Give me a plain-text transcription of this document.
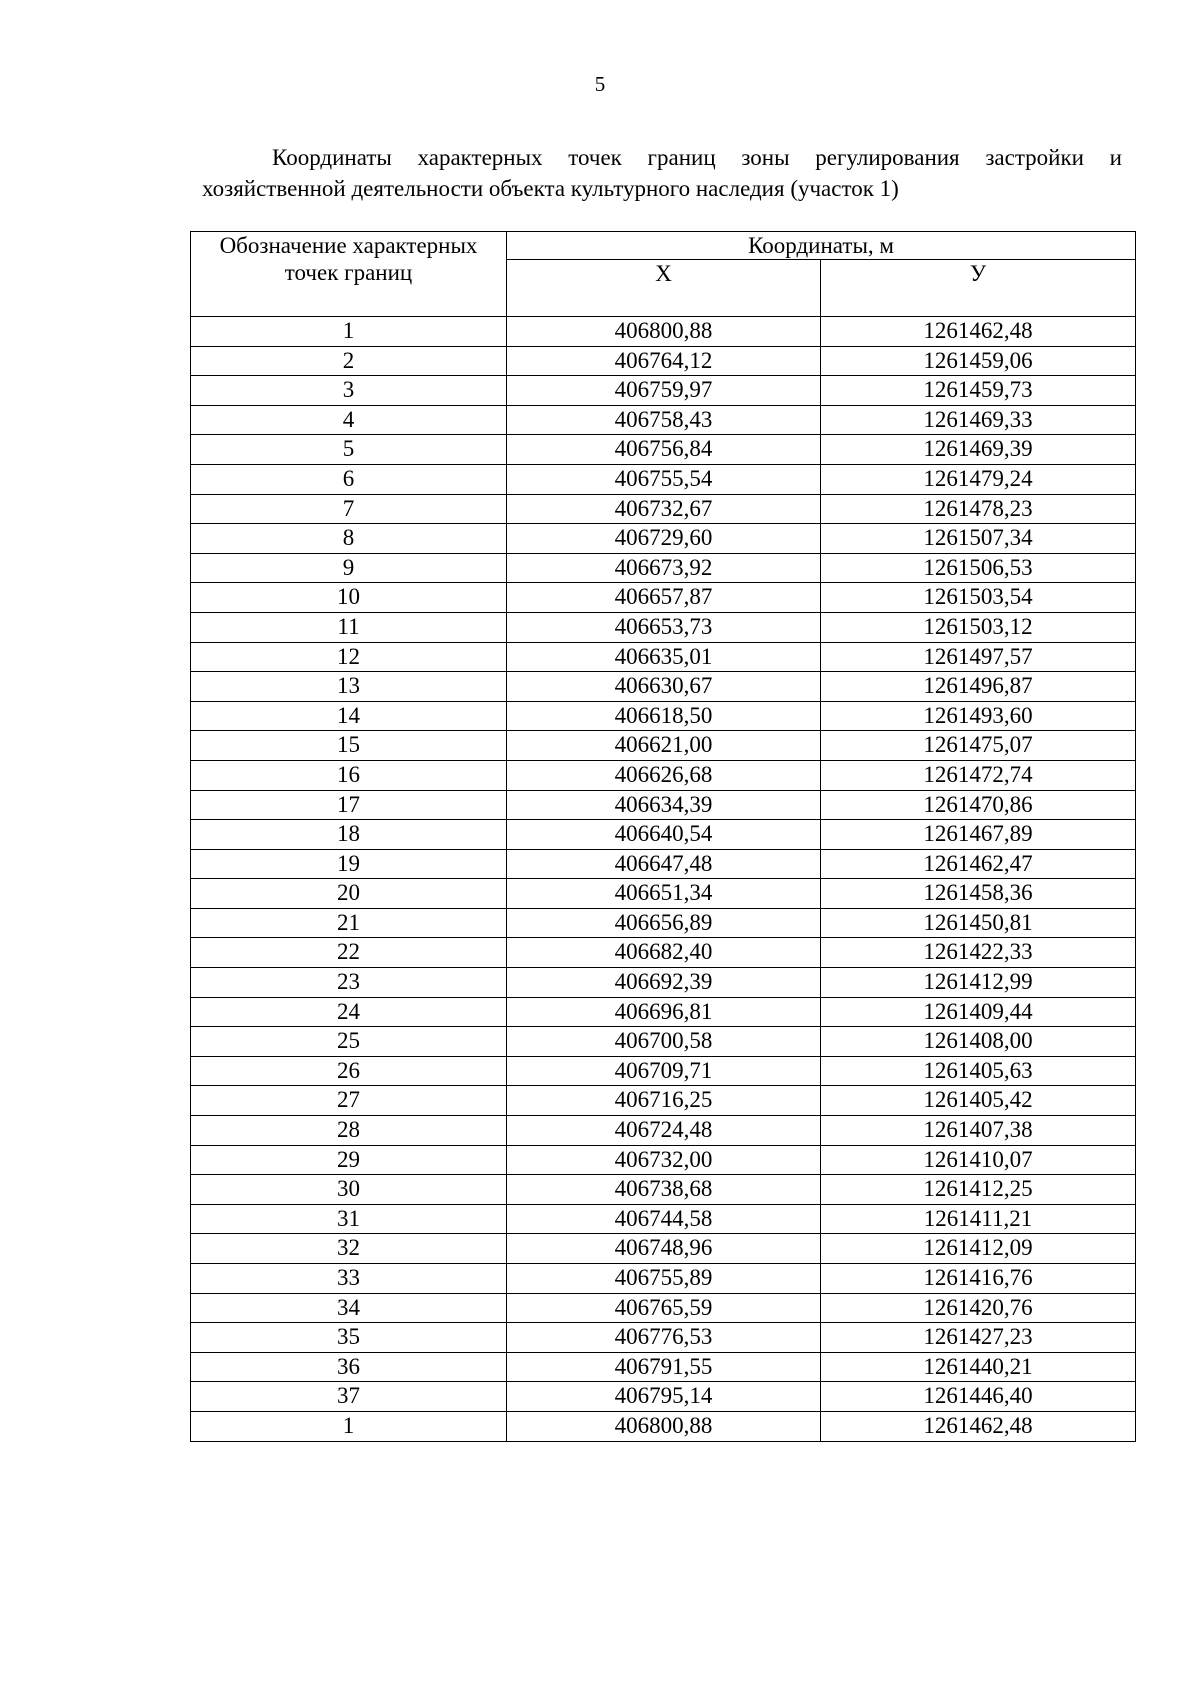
5
Координаты характерных точек границ зоны регулирования застройки и хозяйственной деятельности объекта культурного наследия (участок 1)
Обозначение характерных точек границ	Координаты, м	
	Х	У
1	406800,88	1261462,48
2	406764,12	1261459,06
3	406759,97	1261459,73
4	406758,43	1261469,33
5	406756,84	1261469,39
6	406755,54	1261479,24
7	406732,67	1261478,23
8	406729,60	1261507,34
9	406673,92	1261506,53
10	406657,87	1261503,54
11	406653,73	1261503,12
12	406635,01	1261497,57
13	406630,67	1261496,87
14	406618,50	1261493,60
15	406621,00	1261475,07
16	406626,68	1261472,74
17	406634,39	1261470,86
18	406640,54	1261467,89
19	406647,48	1261462,47
20	406651,34	1261458,36
21	406656,89	1261450,81
22	406682,40	1261422,33
23	406692,39	1261412,99
24	406696,81	1261409,44
25	406700,58	1261408,00
26	406709,71	1261405,63
27	406716,25	1261405,42
28	406724,48	1261407,38
29	406732,00	1261410,07
30	406738,68	1261412,25
31	406744,58	1261411,21
32	406748,96	1261412,09
33	406755,89	1261416,76
34	406765,59	1261420,76
35	406776,53	1261427,23
36	406791,55	1261440,21
37	406795,14	1261446,40
1	406800,88	1261462,48
